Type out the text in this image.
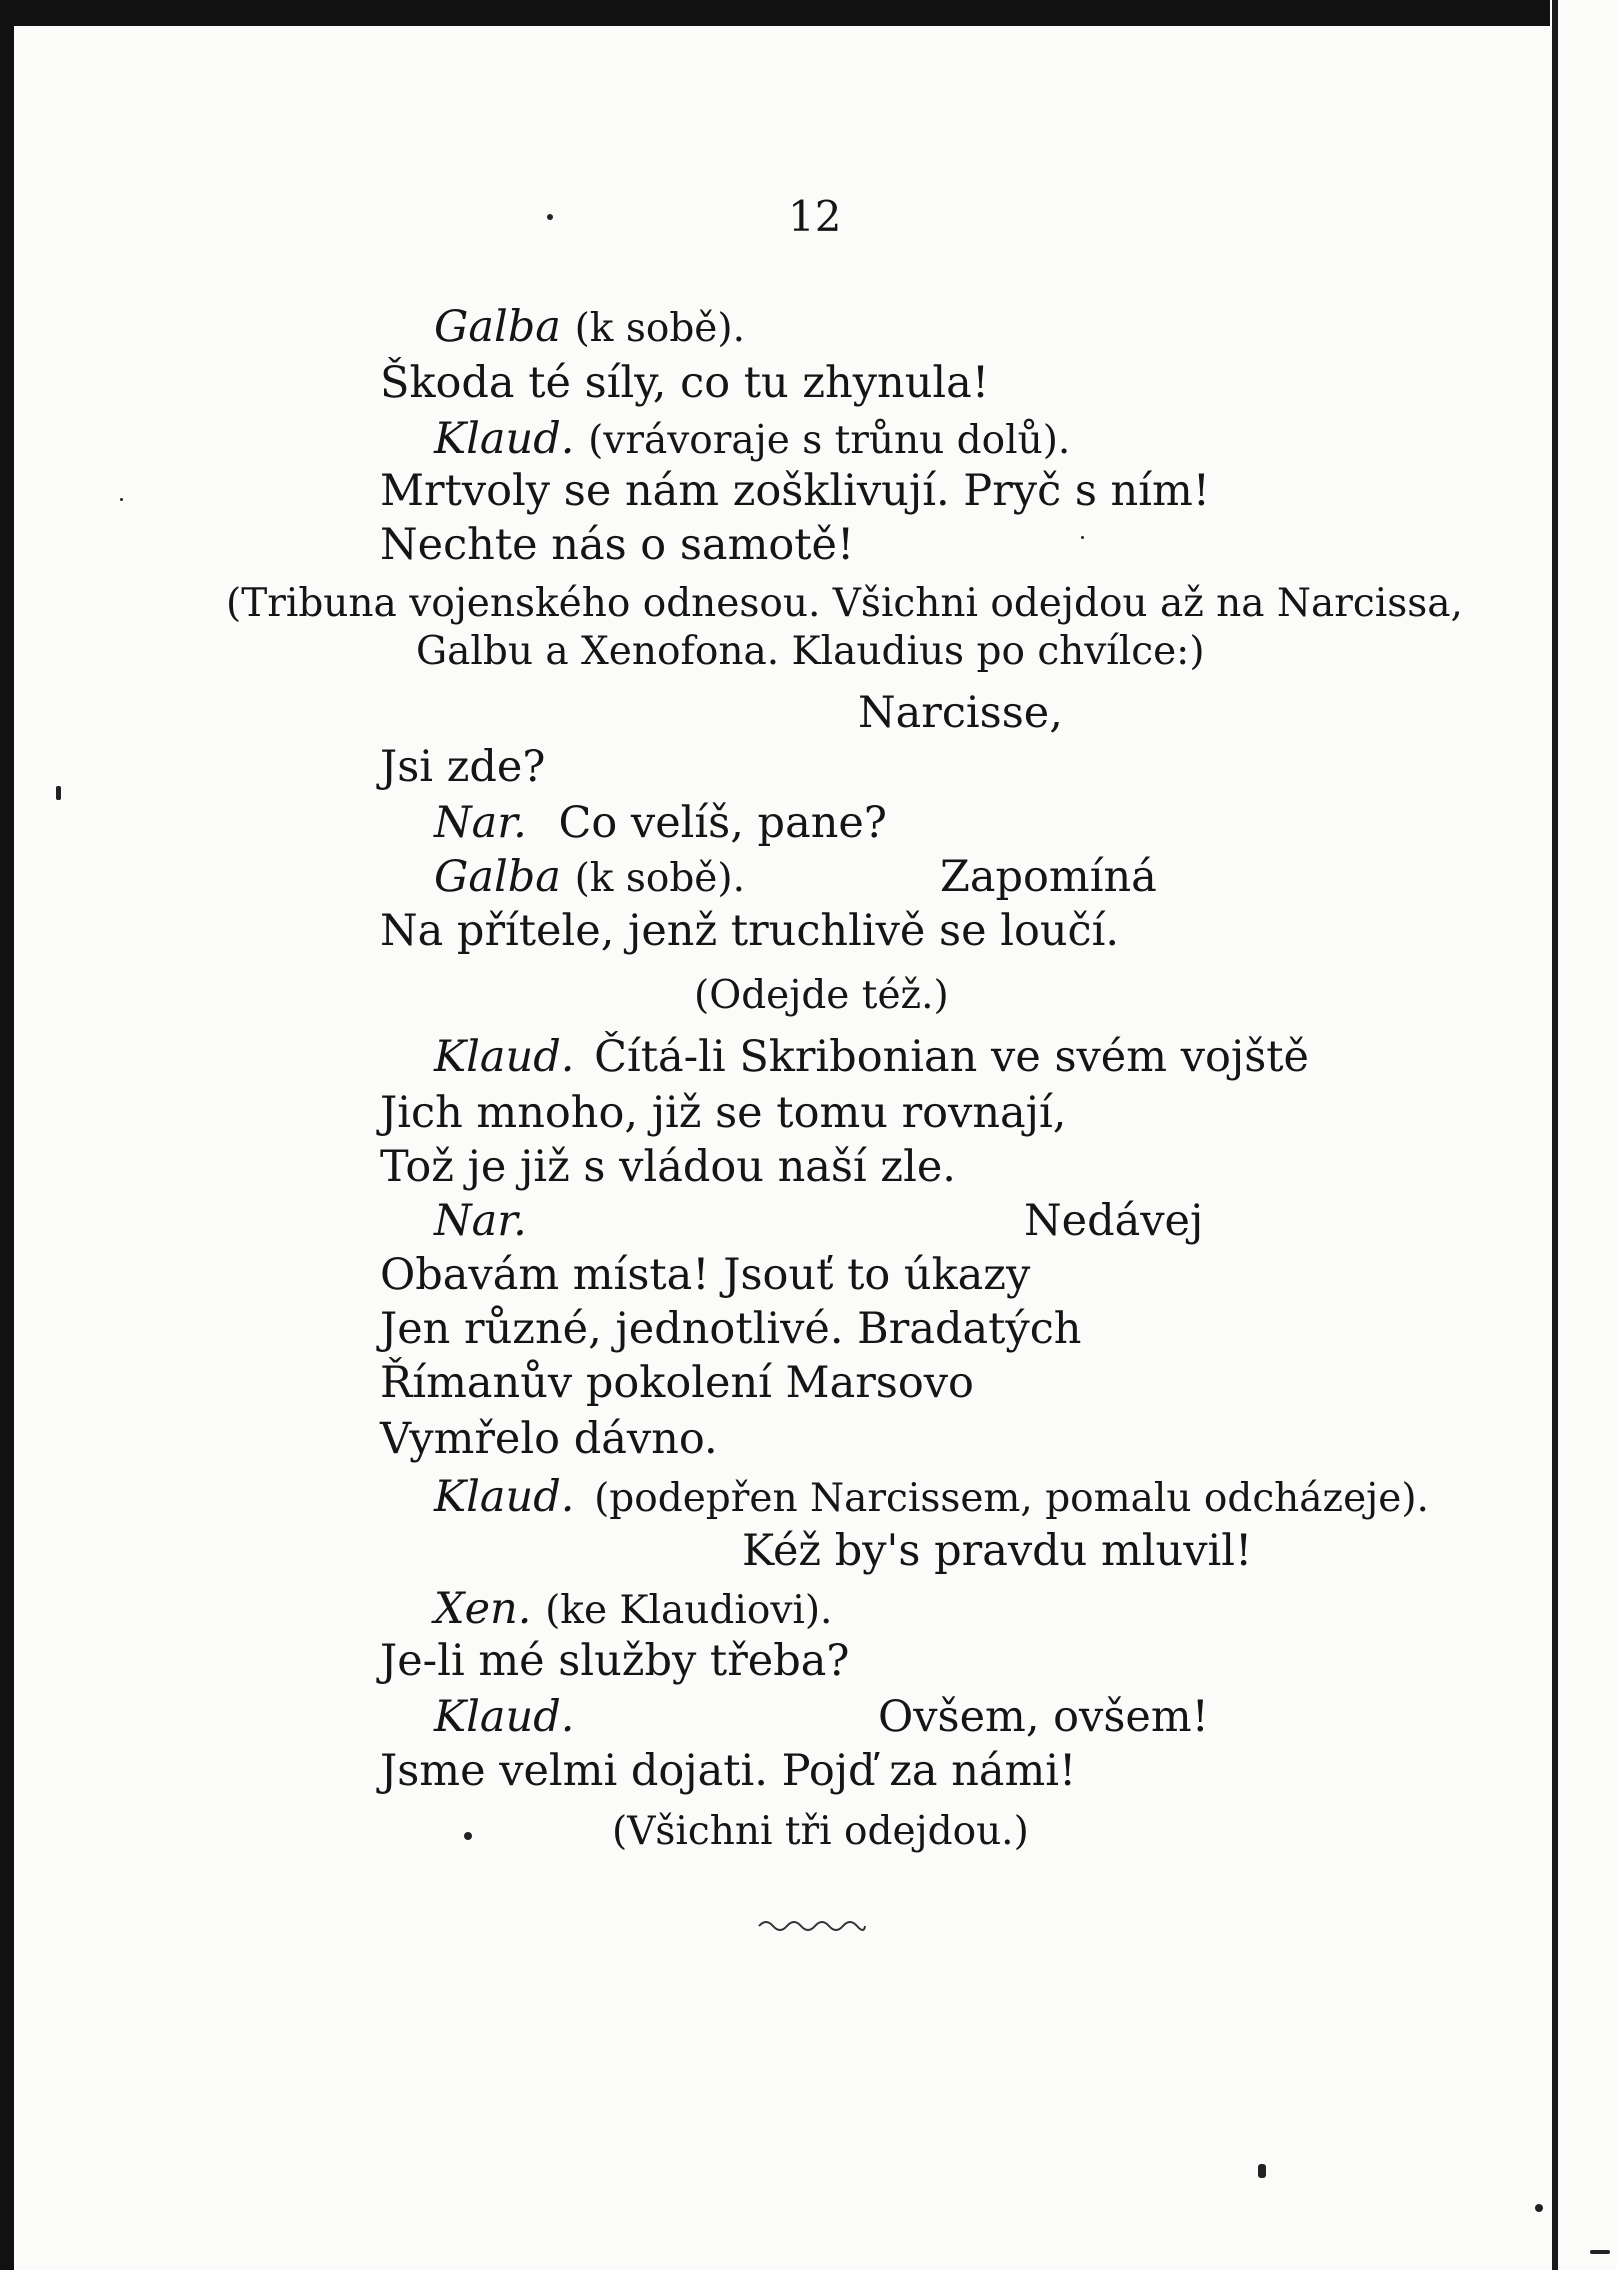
12
Galba (k sobě).
Škoda té síly, co tu zhynula!
Klaud. (vrávoraje s trůnu dolů).
Mrtvoly se nám zošklivují. Pryč s ním!
Nechte nás o samotě!
(Tribuna vojenského odnesou. Všichni odejdou až na Narcissa,
Galbu a Xenofona. Klaudius po chvílce:)
Narcisse,
Jsi zde?
Nar. Co velíš, pane?
Galba (k sobě).	Zapomíná
Na přítele, jenž truchlivě se loučí.
(Odejde též.)
Klaud. Čítá-li Skribonian ve svém vojště
Jich mnoho, již se tomu rovnají,
Tož je již s vládou naší zle.
Nar.	Nedávej
Obavám místa! Jsouť to úkazy
Jen různé, jednotlivé. Bradatých
Římanův pokolení Marsovo
Vymřelo dávno.
Klaud. (podepřen Narcissem, pomalu odcházeje).
Kéž by's pravdu mluvil!
Xen. (ke Klaudiovi).
Je-li mé služby třeba?
Klaud.	Ovšem, ovšem!
Jsme velmi dojati. Pojď za námi!
(Všichni tři odejdou.)
